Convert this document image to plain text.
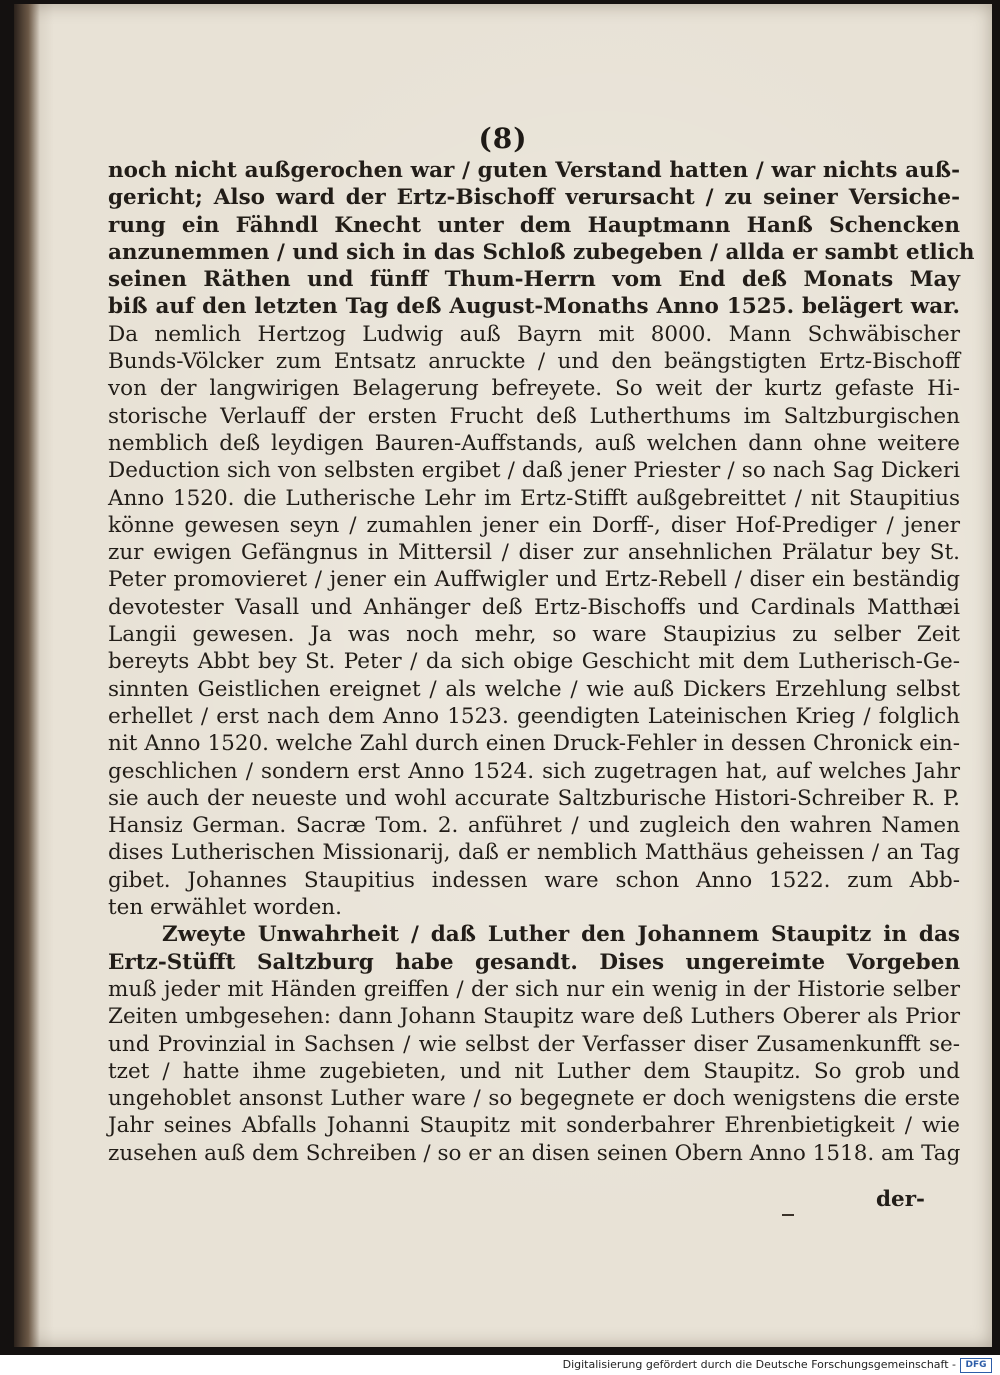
(8)
noch nicht außgerochen war / guten Verstand hatten / war nichts auß-
gericht; Also ward der Ertz-Bischoff verursacht / zu seiner Versiche-
rung ein Fähndl Knecht unter dem Hauptmann Hanß Schencken
anzunemmen / und sich in das Schloß zubegeben / allda er sambt etlich
seinen Räthen und fünff Thum-Herrn vom End deß Monats May
biß auf den letzten Tag deß August-Monaths Anno 1525. belägert war.
Da nemlich Hertzog Ludwig auß Bayrn mit 8000. Mann Schwäbischer
Bunds-Völcker zum Entsatz anruckte / und den beängstigten Ertz-Bischoff
von der langwirigen Belagerung befreyete. So weit der kurtz gefaste Hi-
storische Verlauff der ersten Frucht deß Lutherthums im Saltzburgischen
nemblich deß leydigen Bauren-Auffstands, auß welchen dann ohne weitere
Deduction sich von selbsten ergibet / daß jener Priester / so nach Sag Dickeri
Anno 1520. die Lutherische Lehr im Ertz-Stifft außgebreittet / nit Staupitius
könne gewesen seyn / zumahlen jener ein Dorff-, diser Hof-Prediger / jener
zur ewigen Gefängnus in Mittersil / diser zur ansehnlichen Prälatur bey St.
Peter promovieret / jener ein Auffwigler und Ertz-Rebell / diser ein beständig
devotester Vasall und Anhänger deß Ertz-Bischoffs und Cardinals Matthæi
Langii gewesen. Ja was noch mehr, so ware Staupizius zu selber Zeit
bereyts Abbt bey St. Peter / da sich obige Geschicht mit dem Lutherisch-Ge-
sinnten Geistlichen ereignet / als welche / wie auß Dickers Erzehlung selbst
erhellet / erst nach dem Anno 1523. geendigten Lateinischen Krieg / folglich
nit Anno 1520. welche Zahl durch einen Druck-Fehler in dessen Chronick ein-
geschlichen / sondern erst Anno 1524. sich zugetragen hat, auf welches Jahr
sie auch der neueste und wohl accurate Saltzburische Histori-Schreiber R. P.
Hansiz German. Sacræ Tom. 2. anführet / und zugleich den wahren Namen
dises Lutherischen Missionarij, daß er nemblich Matthäus geheissen / an Tag
gibet. Johannes Staupitius indessen ware schon Anno 1522. zum Abb-
ten erwählet worden.
Zweyte Unwahrheit / daß Luther den Johannem Staupitz in das
Ertz-Stüfft Saltzburg habe gesandt. Dises ungereimte Vorgeben
muß jeder mit Händen greiffen / der sich nur ein wenig in der Historie selber
Zeiten umbgesehen: dann Johann Staupitz ware deß Luthers Oberer als Prior
und Provinzial in Sachsen / wie selbst der Verfasser diser Zusamenkunfft se-
tzet / hatte ihme zugebieten, und nit Luther dem Staupitz. So grob und
ungehoblet ansonst Luther ware / so begegnete er doch wenigstens die erste
Jahr seines Abfalls Johanni Staupitz mit sonderbahrer Ehrenbietigkeit / wie
zusehen auß dem Schreiben / so er an disen seinen Obern Anno 1518. am Tag
der-
Digitalisierung gefördert durch die Deutsche Forschungsgemeinschaft -	DFG
